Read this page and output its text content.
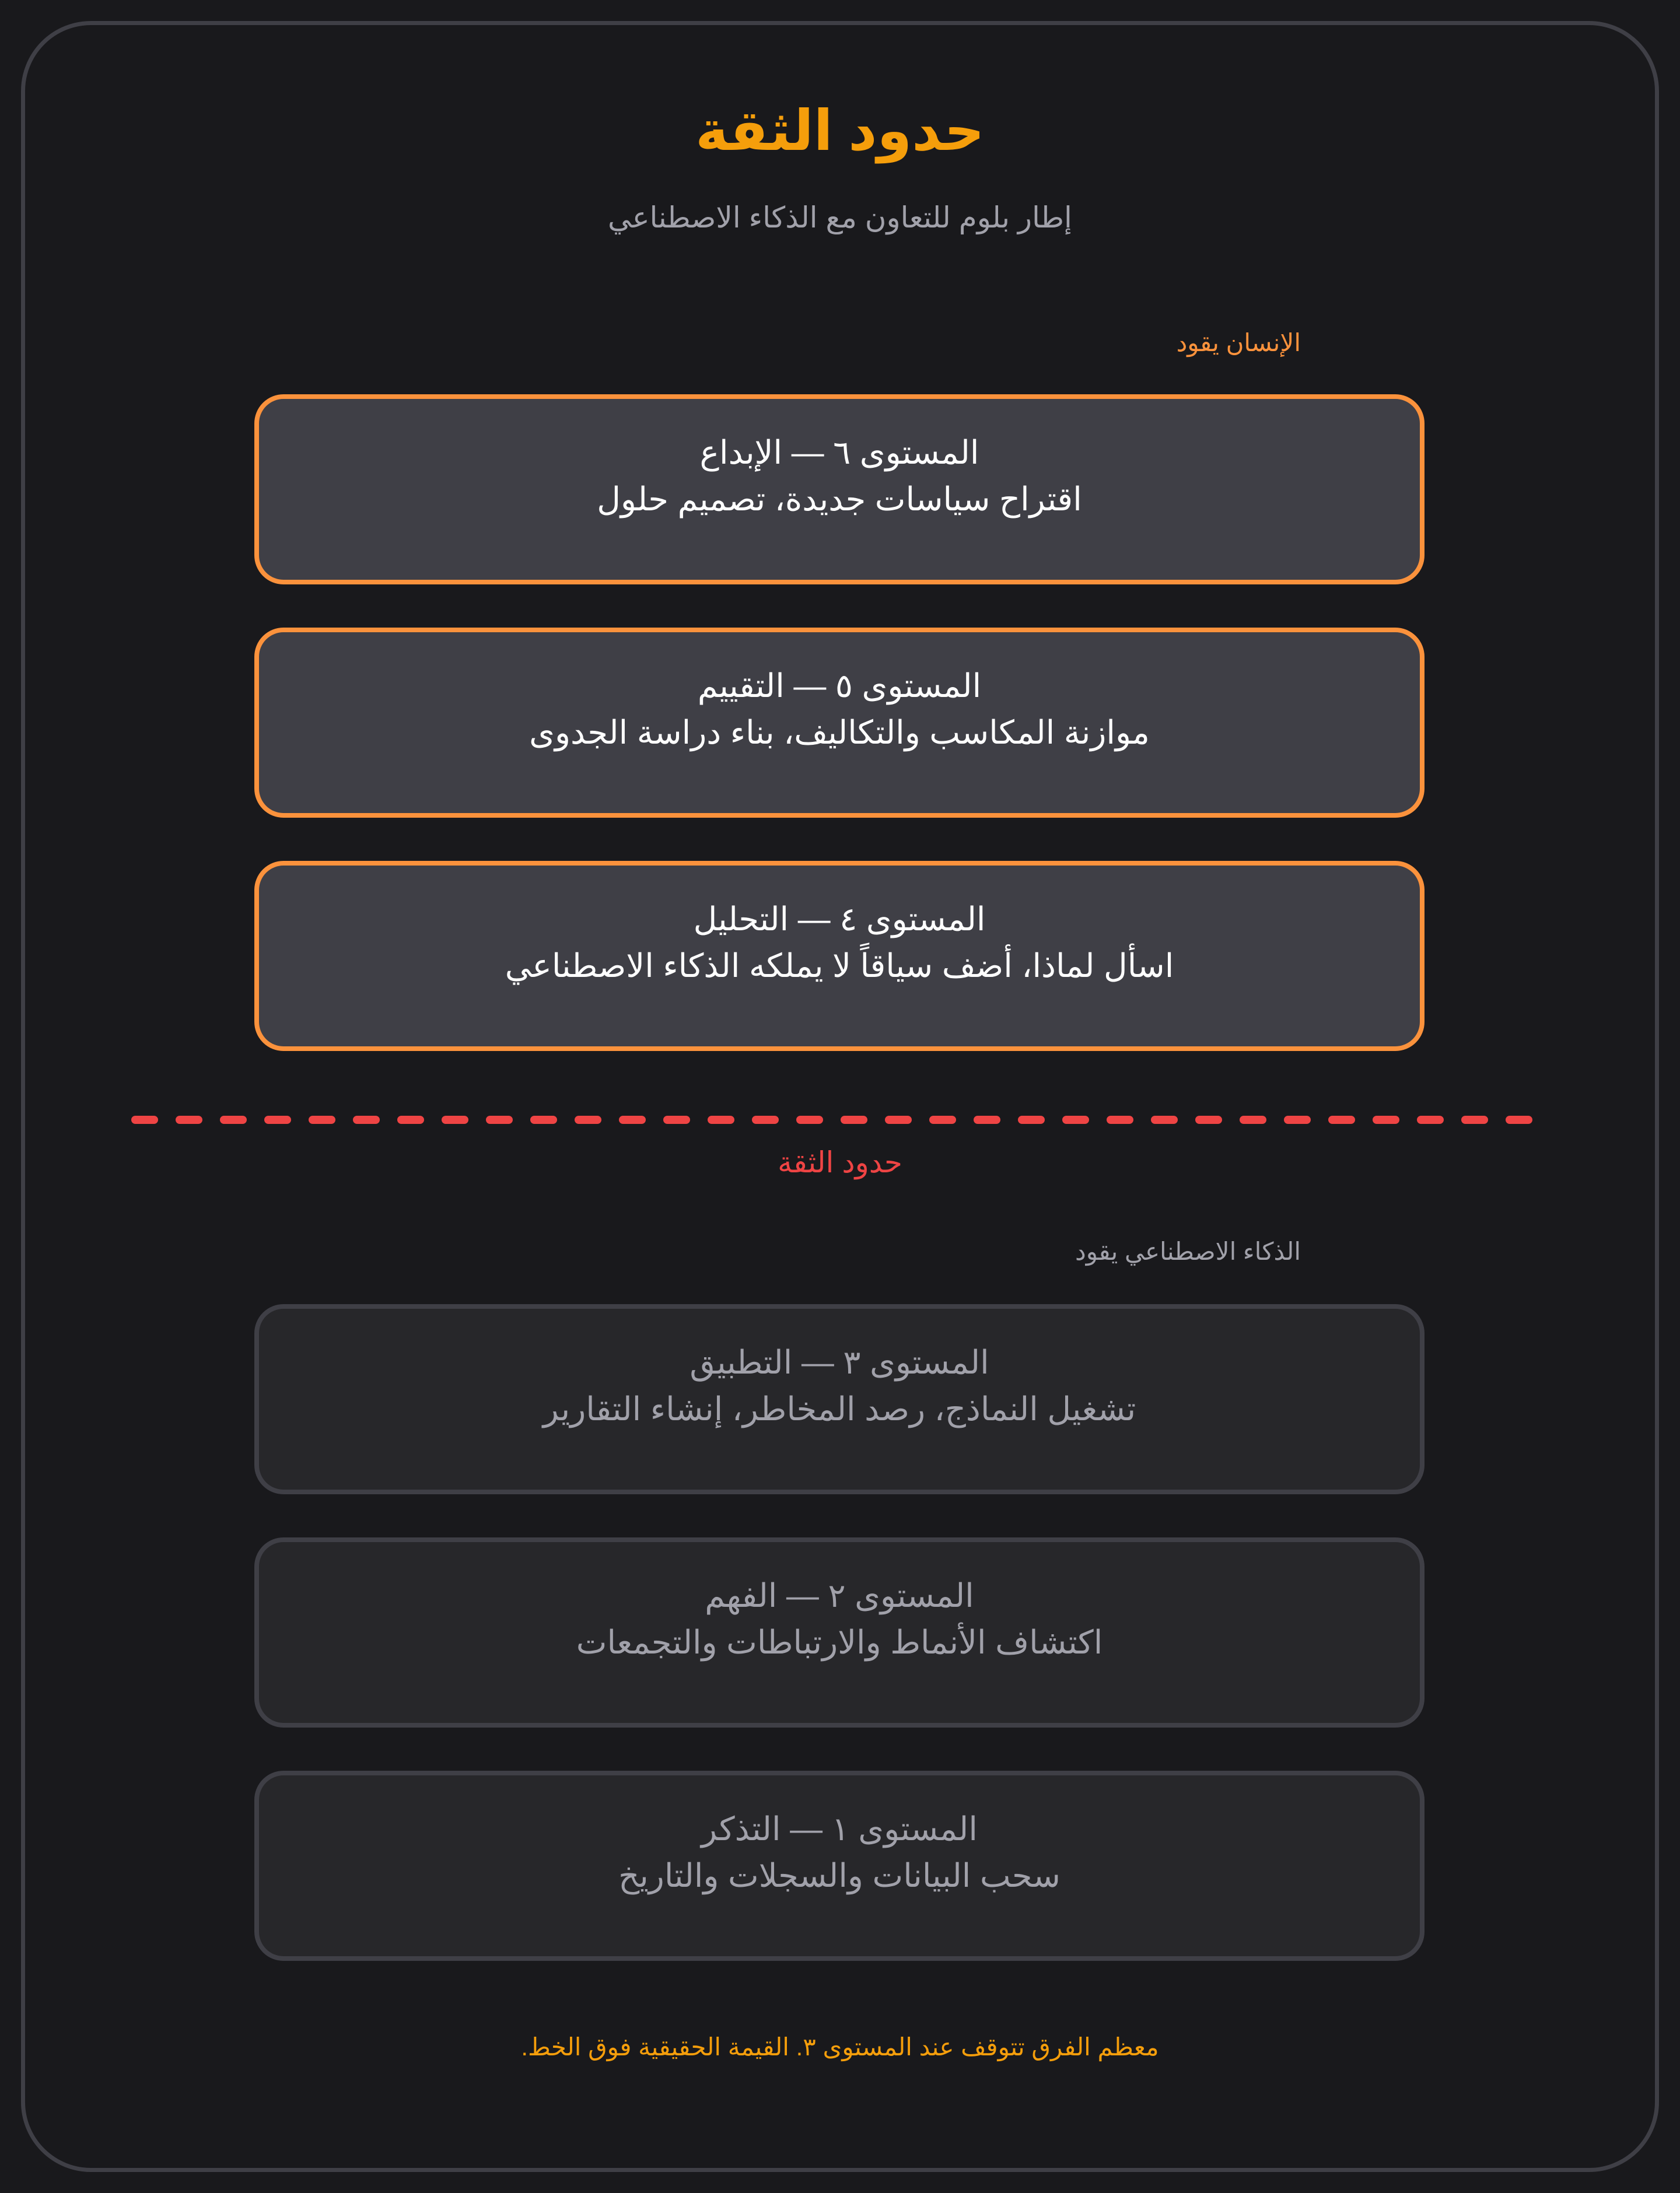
حدود الثقة

إطار بلوم للتعاون مع الذكاء الاصطناعي

الإنسان يقود
المستوى ٦ — الإبداع
اقتراح سياسات جديدة، تصميم حلول
المستوى ٥ — التقييم
موازنة المكاسب والتكاليف، بناء دراسة الجدوى
المستوى ٤ — التحليل
اسأل لماذا، أضف سياقاً لا يملكه الذكاء الاصطناعي
حدود الثقة
الذكاء الاصطناعي يقود
المستوى ٣ — التطبيق
تشغيل النماذج، رصد المخاطر، إنشاء التقارير
المستوى ٢ — الفهم
اكتشاف الأنماط والارتباطات والتجمعات
المستوى ١ — التذكر
سحب البيانات والسجلات والتاريخ
معظم الفرق تتوقف عند المستوى ٣. القيمة الحقيقية فوق الخط.
